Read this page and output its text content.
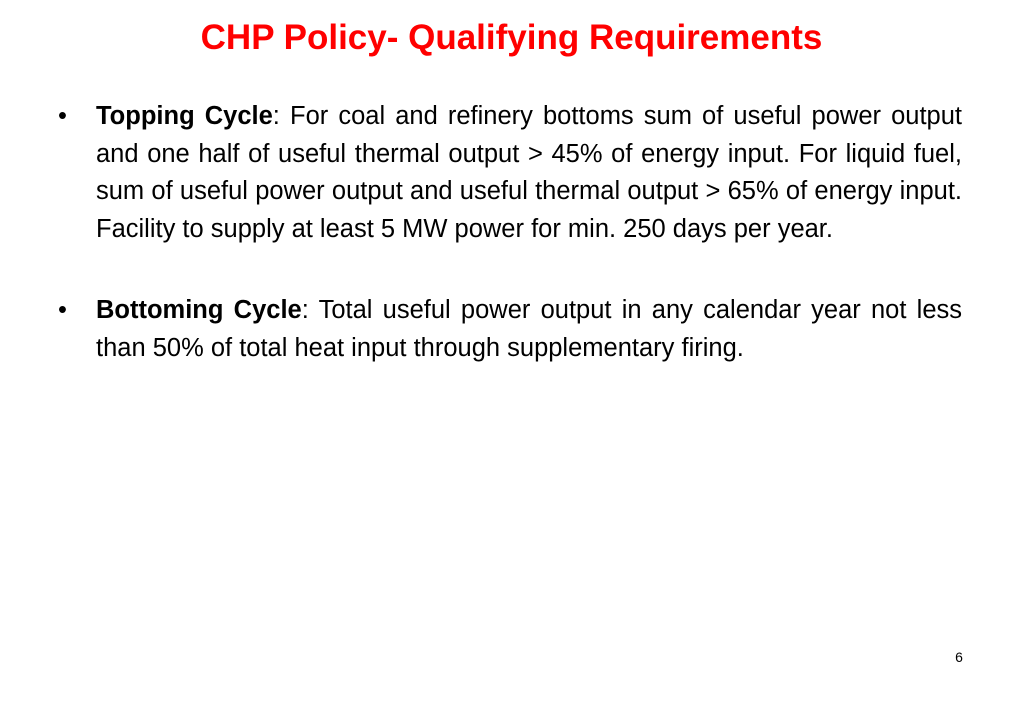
CHP Policy- Qualifying Requirements
•	Topping Cycle: For coal and refinery bottoms sum of useful power output and one half of useful thermal output > 45% of energy input. For liquid fuel, sum of useful power output and useful thermal output > 65% of energy input. Facility to supply at least 5 MW power for min. 250 days per year.
•	Bottoming Cycle: Total useful power output in any calendar year not less than 50% of total heat input through supplementary firing.
6
